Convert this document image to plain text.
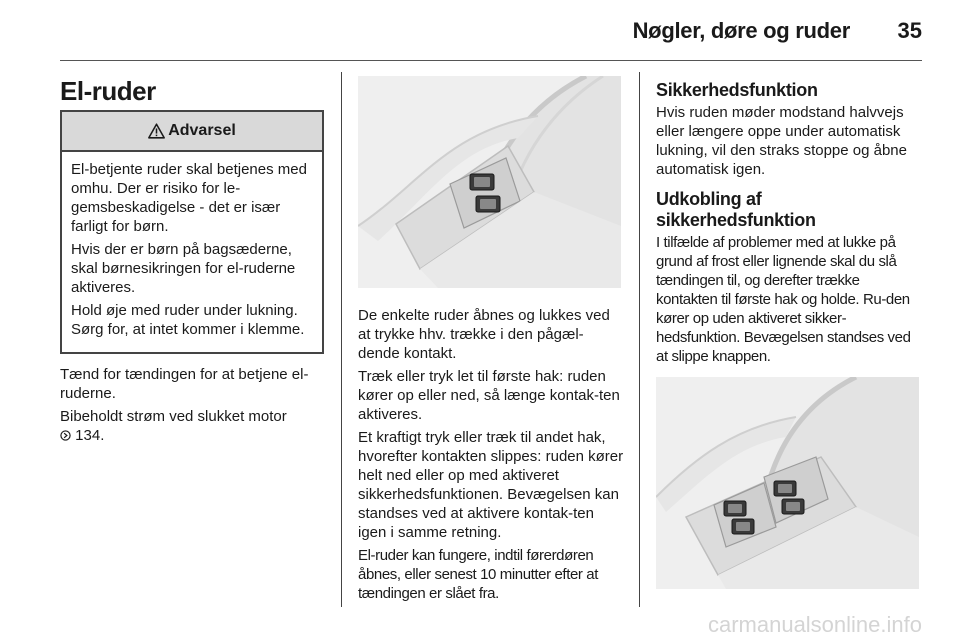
Nøgler, døre og ruder	35
El-ruder
Advarsel

El-betjente ruder skal betjenes med omhu. Der er risiko for le-gemsbeskadigelse - det er især farligt for børn.

Hvis der er børn på bagsæderne, skal børnesikringen for el-ruderne aktiveres.

Hold øje med ruder under lukning. Sørg for, at intet kommer i klemme.

Tænd for tændingen for at betjene el-ruderne.

Bibeholdt strøm ved slukket motor

134.

De enkelte ruder åbnes og lukkes ved at trykke hhv. trække i den pågæl-dende kontakt.

Træk eller tryk let til første hak: ruden kører op eller ned, så længe kontak-ten aktiveres.

Et kraftigt tryk eller træk til andet hak, hvorefter kontakten slippes: ruden kører helt ned eller op med aktiveret sikkerhedsfunktionen. Bevægelsen kan standses ved at aktivere kontak-ten igen i samme retning.

El-ruder kan fungere, indtil førerdøren åbnes, eller senest 10 minutter efter at tændingen er slået fra.

Sikkerhedsfunktion

Hvis ruden møder modstand halvvejs eller længere oppe under automatisk lukning, vil den straks stoppe og åbne automatisk igen.

Udkobling af sikkerhedsfunktion

I tilfælde af problemer med at lukke på grund af frost eller lignende skal du slå tændingen til, og derefter trække kontakten til første hak og holde. Ru-den kører op uden aktiveret sikker-hedsfunktion. Bevægelsen standses ved at slippe knappen.

carmanualsonline.info
